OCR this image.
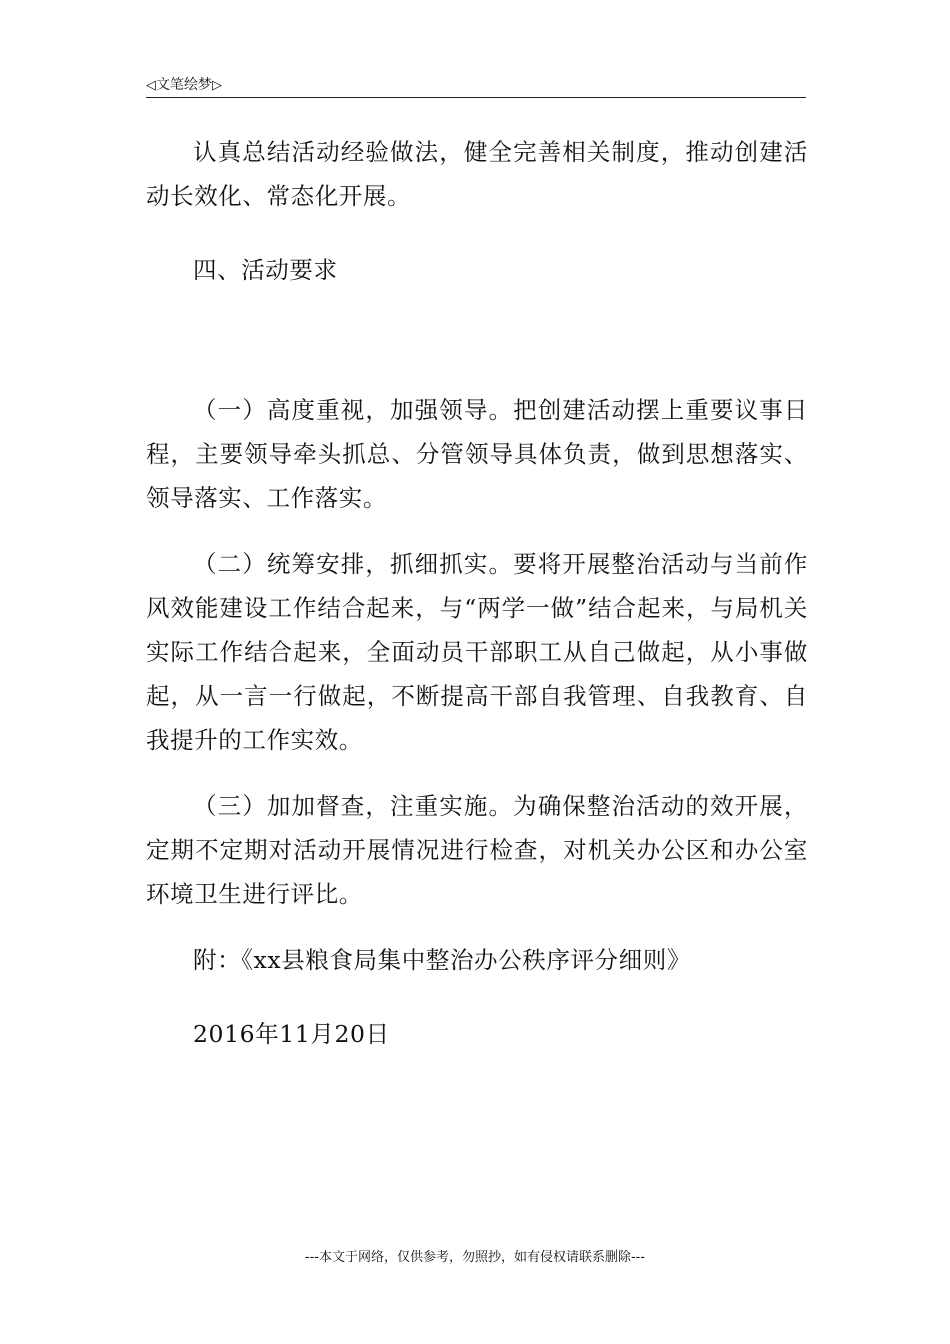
◁文笔绘梦▷

认真总结活动经验做法，健全完善相关制度，推动创建活动长效化、常态化开展。

四、活动要求

（一）高度重视，加强领导。把创建活动摆上重要议事日程，主要领导牵头抓总、分管领导具体负责，做到思想落实、领导落实、工作落实。

（二）统筹安排，抓细抓实。要将开展整治活动与当前作风效能建设工作结合起来，与“两学一做”结合起来，与局机关实际工作结合起来，全面动员干部职工从自己做起，从小事做起，从一言一行做起，不断提高干部自我管理、自我教育、自我提升的工作实效。

（三）加加督查，注重实施。为确保整治活动的效开展，定期不定期对活动开展情况进行检查，对机关办公区和办公室环境卫生进行评比。

附：《xx县粮食局集中整治办公秩序评分细则》

2016年11月20日

---本文于网络，仅供参考，勿照抄，如有侵权请联系删除---
